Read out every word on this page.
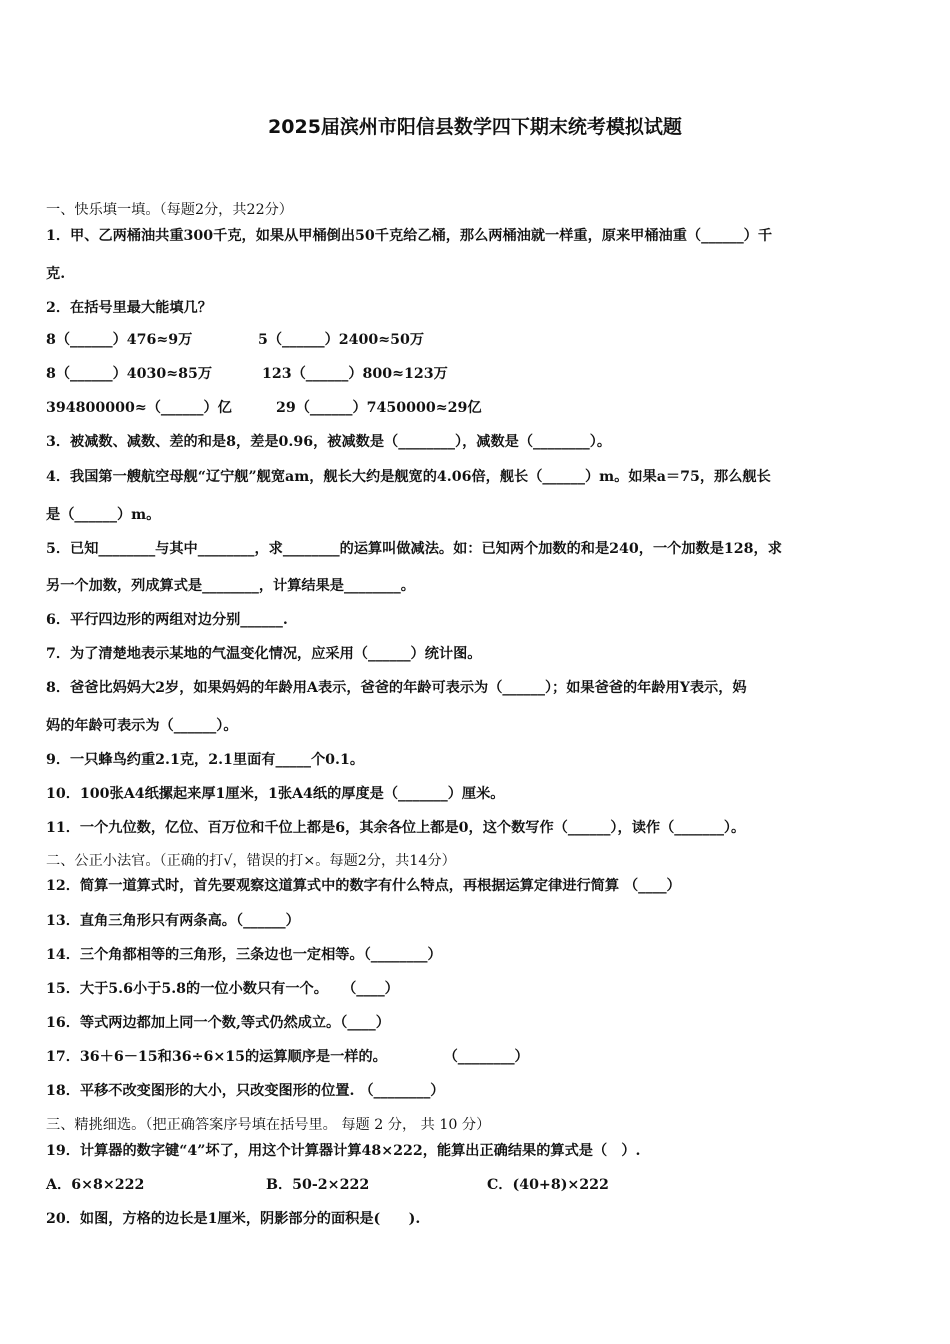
2025届滨州市阳信县数学四下期末统考模拟试题
一、快乐填一填。（每题2分，共22分）
1．甲、乙两桶油共重300千克，如果从甲桶倒出50千克给乙桶，那么两桶油就一样重，原来甲桶油重（______）千
克.
2．在括号里最大能填几？
8（______）476≈9万	5（______）2400≈50万
8（______）4030≈85万	123（______）800≈123万
394800000≈（______）亿	29（______）7450000≈29亿
3．被减数、减数、差的和是8，差是0.96，被减数是（________），减数是（________）。
4．我国第一艘航空母舰“辽宁舰”舰宽am，舰长大约是舰宽的4.06倍，舰长（______）m。如果a＝75，那么舰长
是（______）m。
5．已知________与其中________，求________的运算叫做减法。如：已知两个加数的和是240，一个加数是128，求
另一个加数，列成算式是________，计算结果是________。
6．平行四边形的两组对边分别______.
7．为了清楚地表示某地的气温变化情况，应采用（______）统计图。
8．爸爸比妈妈大2岁，如果妈妈的年龄用A表示，爸爸的年龄可表示为（______）；如果爸爸的年龄用Y表示，妈
妈的年龄可表示为（______）。
9．一只蜂鸟约重2.1克，2.1里面有_____个0.1。
10．100张A4纸摞起来厚1厘米，1张A4纸的厚度是（_______）厘米。
11．一个九位数，亿位、百万位和千位上都是6，其余各位上都是0，这个数写作（______），读作（_______）。
二、公正小法官。（正确的打√，错误的打×。每题2分，共14分）
12．简算一道算式时，首先要观察这道算式中的数字有什么特点，再根据运算定律进行简算 （____）
13．直角三角形只有两条高。（______）
14．三个角都相等的三角形，三条边也一定相等。（________）
15．大于5.6小于5.8的一位小数只有一个。　　（____）
16．等式两边都加上同一个数,等式仍然成立。（____）
17．36＋6－15和36÷6×15的运算顺序是一样的。　　　　　（________）
18．平移不改变图形的大小，只改变图形的位置. （________）
三、精挑细选。（把正确答案序号填在括号里。 每题 2 分， 共 10 分）
19．计算器的数字键“4”坏了，用这个计算器计算48×222，能算出正确结果的算式是（　）.
A．6×8×222	B．50-2×222	C．(40+8)×222
20．如图，方格的边长是1厘米，阴影部分的面积是(　　).
